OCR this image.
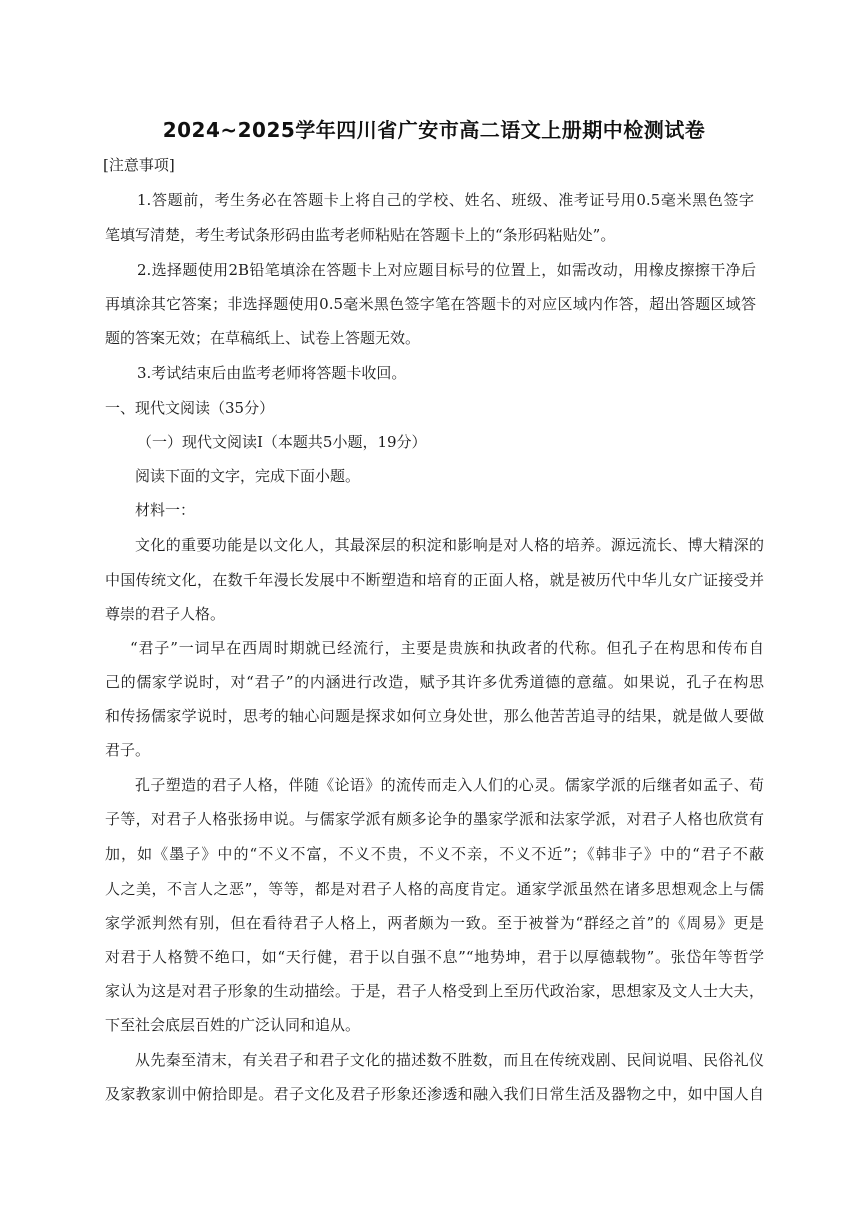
2024~2025学年四川省广安市高二语文上册期中检测试卷
[注意事项]
1.答题前，考生务必在答题卡上将自己的学校、姓名、班级、准考证号用0.5毫米黑色签字
笔填写清楚，考生考试条形码由监考老师粘贴在答题卡上的“条形码粘贴处”。
2.选择题使用2B铅笔填涂在答题卡上对应题目标号的位置上，如需改动，用橡皮擦擦干净后
再填涂其它答案；非选择题使用0.5毫米黑色签字笔在答题卡的对应区域内作答，超出答题区域答
题的答案无效；在草稿纸上、试卷上答题无效。
3.考试结束后由监考老师将答题卡收回。
一、现代文阅读（35分）
（一）现代文阅读Ⅰ（本题共5小题，19分）
阅读下面的文字，完成下面小题。
材料一：
文化的重要功能是以文化人，其最深层的积淀和影响是对人格的培养。源远流长、博大精深的
中国传统文化，在数千年漫长发展中不断塑造和培育的正面人格，就是被历代中华儿女广证接受并
尊崇的君子人格。
“君子”一词早在西周时期就已经流行，主要是贵族和执政者的代称。但孔子在构思和传布自
己的儒家学说时，对“君子”的内涵进行改造，赋予其许多优秀道德的意蕴。如果说，孔子在构思
和传扬儒家学说时，思考的轴心问题是探求如何立身处世，那么他苦苦追寻的结果，就是做人要做
君子。
孔子塑造的君子人格，伴随《论语》的流传而走入人们的心灵。儒家学派的后继者如孟子、荀
子等，对君子人格张扬申说。与儒家学派有颇多论争的墨家学派和法家学派，对君子人格也欣赏有
加，如《墨子》中的“不义不富，不义不贵，不义不亲，不义不近”；《韩非子》中的“君子不蔽
人之美，不言人之恶”，等等，都是对君子人格的高度肯定。通家学派虽然在诸多思想观念上与儒
家学派判然有别，但在看待君子人格上，两者颇为一致。至于被誉为“群经之首”的《周易》更是
对君于人格赞不绝口，如“天行健，君于以自强不息”“地势坤，君于以厚德载物”。张岱年等哲学
家认为这是对君子形象的生动描绘。于是，君子人格受到上至历代政治家，思想家及文人士大夫，
下至社会底层百姓的广泛认同和追从。
从先秦至清末，有关君子和君子文化的描述数不胜数，而且在传统戏剧、民间说唱、民俗礼仪
及家教家训中俯拾即是。君子文化及君子形象还渗透和融入我们日常生活及器物之中，如中国人自
